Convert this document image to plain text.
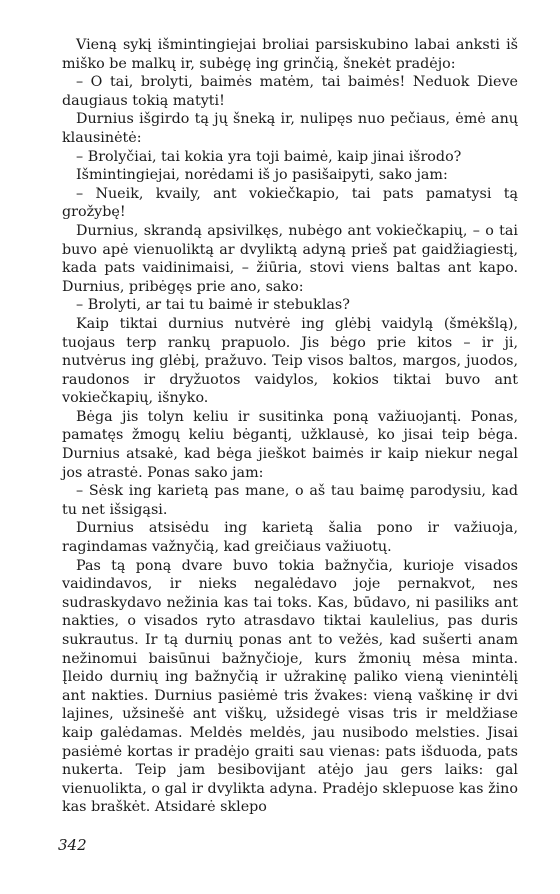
Vieną sykį išmintingiejai broliai parsiskubino labai anksti iš miško be malkų ir, subėgę ing grinčią, šnekėt pradėjo:

– O tai, brolyti, baimės matėm, tai baimės! Neduok Dieve daugiaus tokią matyti!

Durnius išgirdo tą jų šneką ir, nulipęs nuo pečiaus, ėmė anų klausinėtė:

– Brolyčiai, tai kokia yra toji baimė, kaip jinai išrodo?

Išmintingiejai, norėdami iš jo pasišaipyti, sako jam:

– Nueik, kvaily, ant vokiečkapio, tai pats pamatysi tą grožybę!

Durnius, skrandą apsivilkęs, nubėgo ant vokiečkapių, – o tai buvo apė vienuoliktą ar dvyliktą adyną prieš pat gaidžiagiestį, kada pats vaidinimaisi, – žiūria, stovi viens baltas ant kapo. Durnius, pribėgęs prie ano, sako:

– Brolyti, ar tai tu baimė ir stebuklas?

Kaip tiktai durnius nutvėrė ing glėbį vaidylą (šmėkšlą), tuojaus terp rankų prapuolo. Jis bėgo prie kitos – ir ji, nutvėrus ing glėbį, pražuvo. Teip visos baltos, margos, juodos, raudonos ir dryžuotos vaidylos, kokios tiktai buvo ant vokiečkapių, išnyko.

Bėga jis tolyn keliu ir susitinka poną važiuojantį. Ponas, pamatęs žmogų keliu bėgantį, užklausė, ko jisai teip bėga. Durnius atsakė, kad bėga jieškot baimės ir kaip niekur negal jos atrastė. Ponas sako jam:

– Sėsk ing karietą pas mane, o aš tau baimę parodysiu, kad tu net išsigąsi.

Durnius atsisėdu ing karietą šalia pono ir važiuoja, ragindamas važnyčią, kad greičiaus važiuotų.

Pas tą poną dvare buvo tokia bažnyčia, kurioje visados vaidindavos, ir nieks negalėdavo joje pernakvot, nes sudraskydavo nežinia kas tai toks. Kas, būdavo, ni pasiliks ant nakties, o visados ryto atrasdavo tiktai kaulelius, pas duris sukrautus. Ir tą durnių ponas ant to vežės, kad sušerti anam nežinomui baisūnui bažnyčioje, kurs žmonių mėsa minta. Įleido durnių ing bažnyčią ir užrakinę paliko vieną vienintėlį ant nakties. Durnius pasiėmė tris žvakes: vieną vaškinę ir dvi lajines, užsinešė ant viškų, užsidegė visas tris ir meldžiase kaip galėdamas. Meldės meldės, jau nusibodo melsties. Jisai pasiėmė kortas ir pradėjo graiti sau vienas: pats išduoda, pats nukerta. Teip jam besibovijant atėjo jau gers laiks: gal vienuolikta, o gal ir dvylikta adyna. Pradėjo sklepuose kas žino kas braškėt. Atsidarė sklepo

342
